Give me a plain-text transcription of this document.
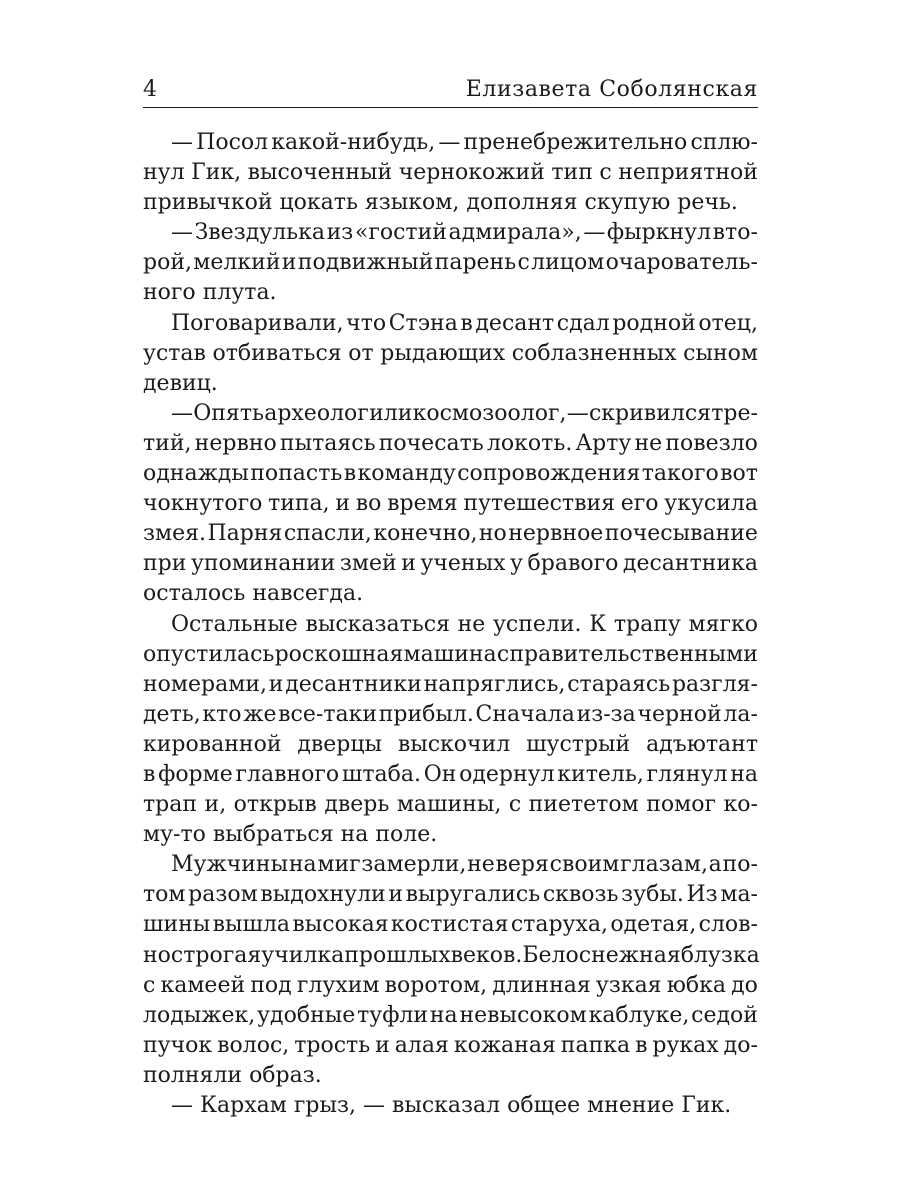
4	Елизавета Соболянская
— Посол какой-нибудь, — пренебрежительно сплю-
нул Гик, высоченный чернокожий тип с неприятной
привычкой цокать языком, дополняя скупую речь.
— Звездулька из «гостий адмирала», — фыркнул вто-
рой, мелкий и подвижный парень с лицом очарователь-
ного плута.
Поговаривали, что Стэна в десант сдал родной отец,
устав отбиваться от рыдающих соблазненных сыном
девиц.
— Опять археолог или космозоолог, — скривился тре-
тий, нервно пытаясь почесать локоть. Арту не повезло
однажды попасть в команду сопровождения такого вот
чокнутого типа, и во время путешествия его укусила
змея. Парня спасли, конечно, но нервное почесывание
при упоминании змей и ученых у бравого десантника
осталось навсегда.
Остальные высказаться не успели. К трапу мягко
опустилась роскошная машина с правительственными
номерами, и десантники напряглись, стараясь разгля-
деть, кто же все-таки прибыл. Сначала из-за черной ла-
кированной дверцы выскочил шустрый адъютант
в форме главного штаба. Он одернул китель, глянул на
трап и, открыв дверь машины, с пиететом помог ко-
му-то выбраться на поле.
Мужчины на миг замерли, не веря своим глазам, а по-
том разом выдохнули и выругались сквозь зубы. Из ма-
шины вышла высокая костистая старуха, одетая, слов-
но строгая училка прошлых веков. Белоснежная блузка
с камеей под глухим воротом, длинная узкая юбка до
лодыжек, удобные туфли на невысоком каблуке, седой
пучок волос, трость и алая кожаная папка в руках до-
полняли образ.
— Кархам грыз, — высказал общее мнение Гик.
